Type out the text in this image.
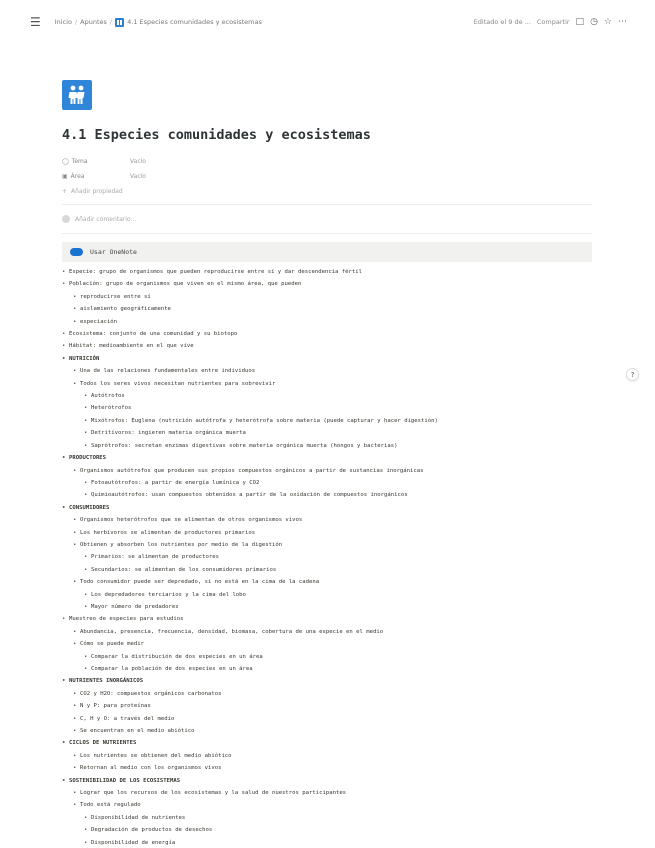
☰ Inicio / Apuntes / 4.1 Especies comunidades y ecosistemas	Editado el 9 de ... Compartir □ ◷ ☆ ⋯
4.1 Especies comunidades y ecosistemas
◯ Tema	Vacío
▣ Área	Vacío
+ Añadir propiedad
Añadir comentario...
Usar OneNote
• Especie: grupo de organismos que pueden reproducirse entre sí y dar descendencia fértil
• Población: grupo de organismos que viven en el mismo área, que pueden
• reproducirse entre sí
• aislamiento geográficamente
• especiación
• Ecosistema: conjunto de una comunidad y su biotopo
• Hábitat: medioambiente en el que vive
• NUTRICIÓN
• Una de las relaciones fundamentales entre individuos
• Todos los seres vivos necesitan nutrientes para sobrevivir
• Autótrofos
• Heterótrofos
• Mixótrofos: Euglena (nutrición autótrofa y heterótrofa sobre materia (puede capturar y hacer digestión)
• Detritívoros: ingieren materia orgánica muerta
• Saprótrofos: secretan enzimas digestivas sobre materia orgánica muerta (hongos y bacterias)
• PRODUCTORES
• Organismos autótrofos que producen sus propios compuestos orgánicos a partir de sustancias inorgánicas
• Fotoautótrofos: a partir de energía lumínica y CO2
• Quimioautótrofos: usan compuestos obtenidos a partir de la oxidación de compuestos inorgánicos
• CONSUMIDORES
• Organismos heterótrofos que se alimentan de otros organismos vivos
• Los herbívoros se alimentan de productores primarios
• Obtienen y absorben los nutrientes por medio de la digestión
• Primarios: se alimentan de productores
• Secundarios: se alimentan de los consumidores primarios
• Todo consumidor puede ser depredado, si no está en la cima de la cadena
• Los depredadores terciarios y la cima del lobo
• Mayor número de predadores
• Muestreo de especies para estudios
• Abundancia, presencia, frecuencia, densidad, biomasa, cobertura de una especie en el medio
• Cómo se puede medir
• Comparar la distribución de dos especies en un área
• Comparar la población de dos especies en un área
• NUTRIENTES INORGÁNICOS
• CO2 y H2O: compuestos orgánicos carbonatos
• N y P: para proteínas
• C, H y O: a través del medio
• Se encuentran en el medio abiótico
• CICLOS DE NUTRIENTES
• Los nutrientes se obtienen del medio abiótico
• Retornan al medio con los organismos vivos
• SOSTENIBILIDAD DE LOS ECOSISTEMAS
• Lograr que los recursos de los ecosistemas y la salud de nuestros participantes
• Todo está regulado
• Disponibilidad de nutrientes
• Degradación de productos de desechos
• Disponibilidad de energía
?
